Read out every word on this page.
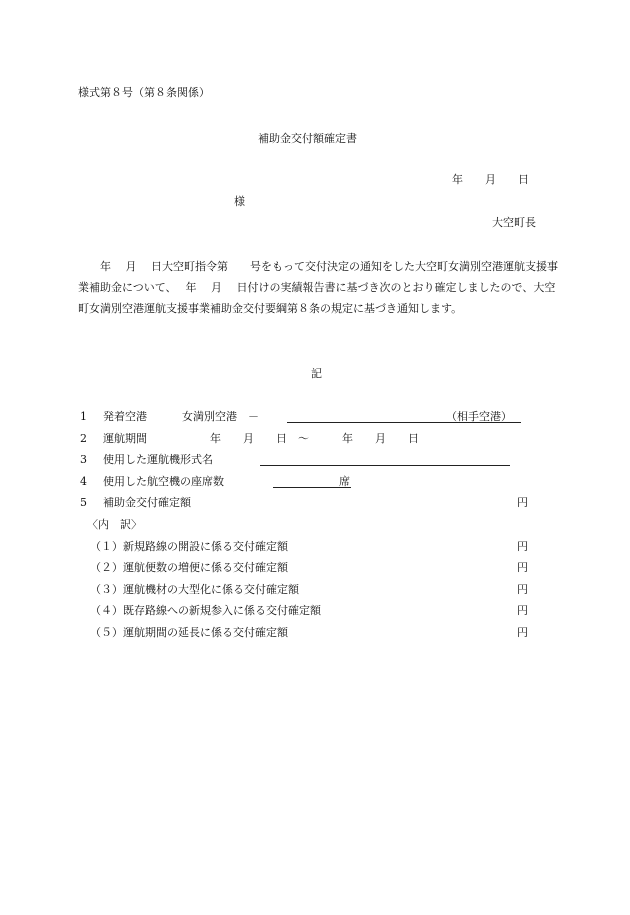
様式第８号（第８条関係）
補助金交付額確定書
年　　月　　日
様
大空町長
　　年　 月　 日大空町指令第　　号をもって交付決定の通知をした大空町女満別空港運航支援事業補助金について、　 年　 月　 日付けの実績報告書に基づき次のとおり確定しましたので、大空町女満別空港運航支援事業補助金交付要綱第８条の規定に基づき通知します。
記
1 発着空港	女満別空港　－	（相手空港）
2 運航期間	年　　月　　日　～　　　年　　月　　日
3 使用した運航機形式名
4 使用した航空機の座席数	席
5 補助金交付確定額	円
〈内　訳〉
（１）新規路線の開設に係る交付確定額	円
（２）運航便数の増便に係る交付確定額	円
（３）運航機材の大型化に係る交付確定額	円
（４）既存路線への新規参入に係る交付確定額	円
（５）運航期間の延長に係る交付確定額	円
